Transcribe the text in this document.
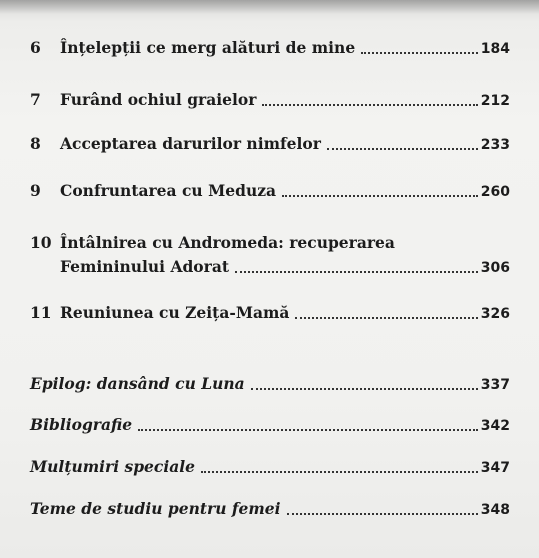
6	Înțelepții ce merg alături de mine	184
7	Furând ochiul graielor	212
8	Acceptarea darurilor nimfelor	233
9	Confruntarea cu Meduza	260
10 Întâlnirea cu Andromeda: recuperarea
Femininului Adorat	306
11 Reuniunea cu Zeița-Mamă	326
Epilog: dansând cu Luna	337
Bibliografie	342
Mulțumiri speciale	347
Teme de studiu pentru femei	348
